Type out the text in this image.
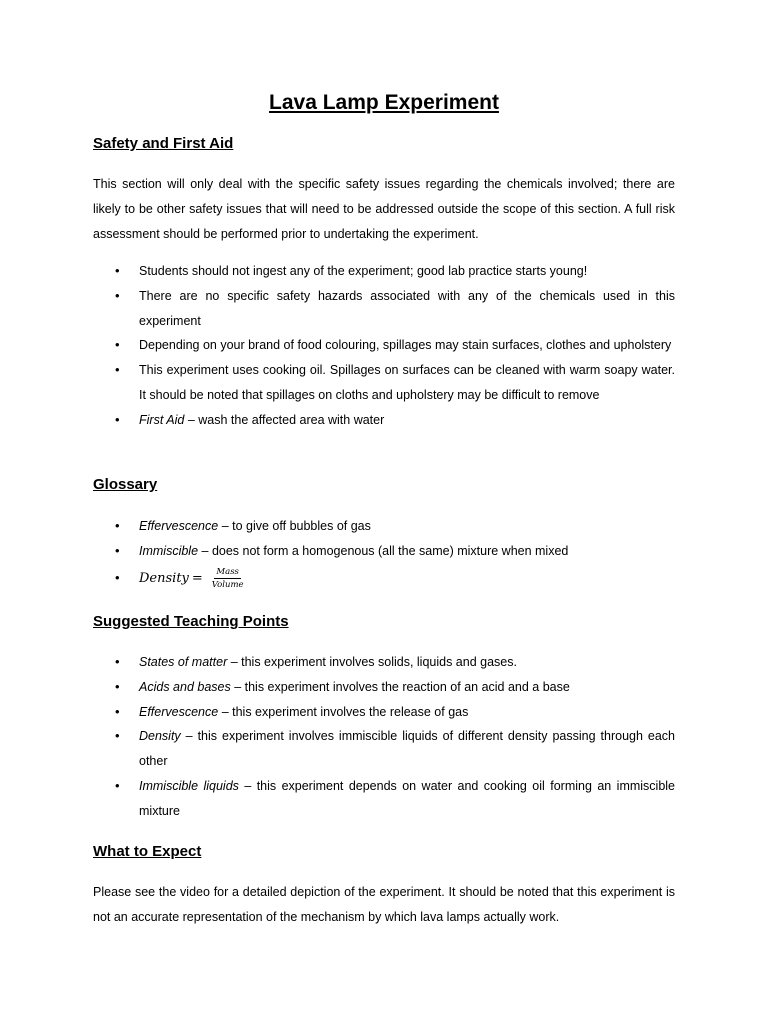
Lava Lamp Experiment
Safety and First Aid

This section will only deal with the specific safety issues regarding the chemicals involved; there are likely to be other safety issues that will need to be addressed outside the scope of this section. A full risk assessment should be performed prior to undertaking the experiment.

• Students should not ingest any of the experiment; good lab practice starts young!
• There are no specific safety hazards associated with any of the chemicals used in this experiment
• Depending on your brand of food colouring, spillages may stain surfaces, clothes and upholstery
• This experiment uses cooking oil. Spillages on surfaces can be cleaned with warm soapy water. It should be noted that spillages on cloths and upholstery may be difficult to remove
• First Aid – wash the affected area with water
Glossary
• Effervescence – to give off bubbles of gas
• Immiscible – does not form a homogenous (all the same) mixture when mixed
• Density = $\frac{\text{Mass}}{\text{Volume}}$
Suggested Teaching Points
• States of matter – this experiment involves solids, liquids and gases.
• Acids and bases – this experiment involves the reaction of an acid and a base
• Effervescence – this experiment involves the release of gas
• Density – this experiment involves immiscible liquids of different density passing through each other
• Immiscible liquids – this experiment depends on water and cooking oil forming an immiscible mixture
What to Expect

Please see the video for a detailed depiction of the experiment. It should be noted that this experiment is not an accurate representation of the mechanism by which lava lamps actually work.
